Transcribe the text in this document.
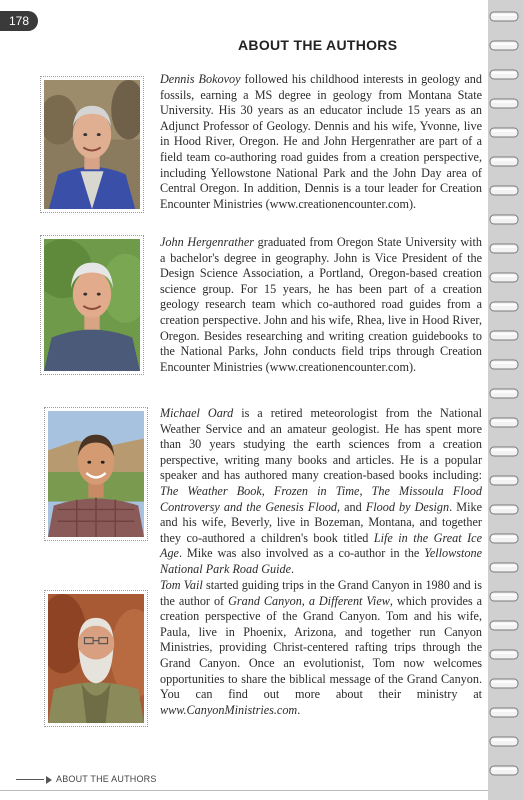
178
ABOUT THE AUTHORS

Dennis Bokovoy followed his childhood interests in geology and fossils, earning a MS degree in geology from Montana State University. His 30 years as an educator include 15 years as an Adjunct Professor of Geology. Dennis and his wife, Yvonne, live in Hood River, Oregon. He and John Hergenrather are part of a field team co-authoring road guides from a creation perspective, including Yellowstone National Park and the John Day area of Central Oregon. In addition, Dennis is a tour leader for Creation Encounter Ministries (www.creationencounter.com).

John Hergenrather graduated from Oregon State University with a bachelor's degree in geography. John is Vice President of the Design Science Association, a Portland, Oregon-based creation science group. For 15 years, he has been part of a creation geology research team which co-authored road guides from a creation perspective. John and his wife, Rhea, live in Hood River, Oregon. Besides researching and writing creation guidebooks to the National Parks, John conducts field trips through Creation Encounter Ministries (www.creationencounter.com).

Michael Oard is a retired meteorologist from the National Weather Service and an amateur geologist. He has spent more than 30 years studying the earth sciences from a creation perspective, writing many books and articles. He is a popular speaker and has authored many creation-based books including: The Weather Book, Frozen in Time, The Missoula Flood Controversy and the Genesis Flood, and Flood by Design. Mike and his wife, Beverly, live in Bozeman, Montana, and together they co-authored a children's book titled Life in the Great Ice Age. Mike was also involved as a co-author in the Yellowstone National Park Road Guide.

Tom Vail started guiding trips in the Grand Canyon in 1980 and is the author of Grand Canyon, a Different View, which provides a creation perspective of the Grand Canyon. Tom and his wife, Paula, live in Phoenix, Arizona, and together run Canyon Ministries, providing Christ-centered rafting trips through the Grand Canyon. Once an evolutionist, Tom now welcomes opportunities to share the biblical message of the Grand Canyon. You can find out more about their ministry at www.CanyonMinistries.com.

ABOUT THE AUTHORS
